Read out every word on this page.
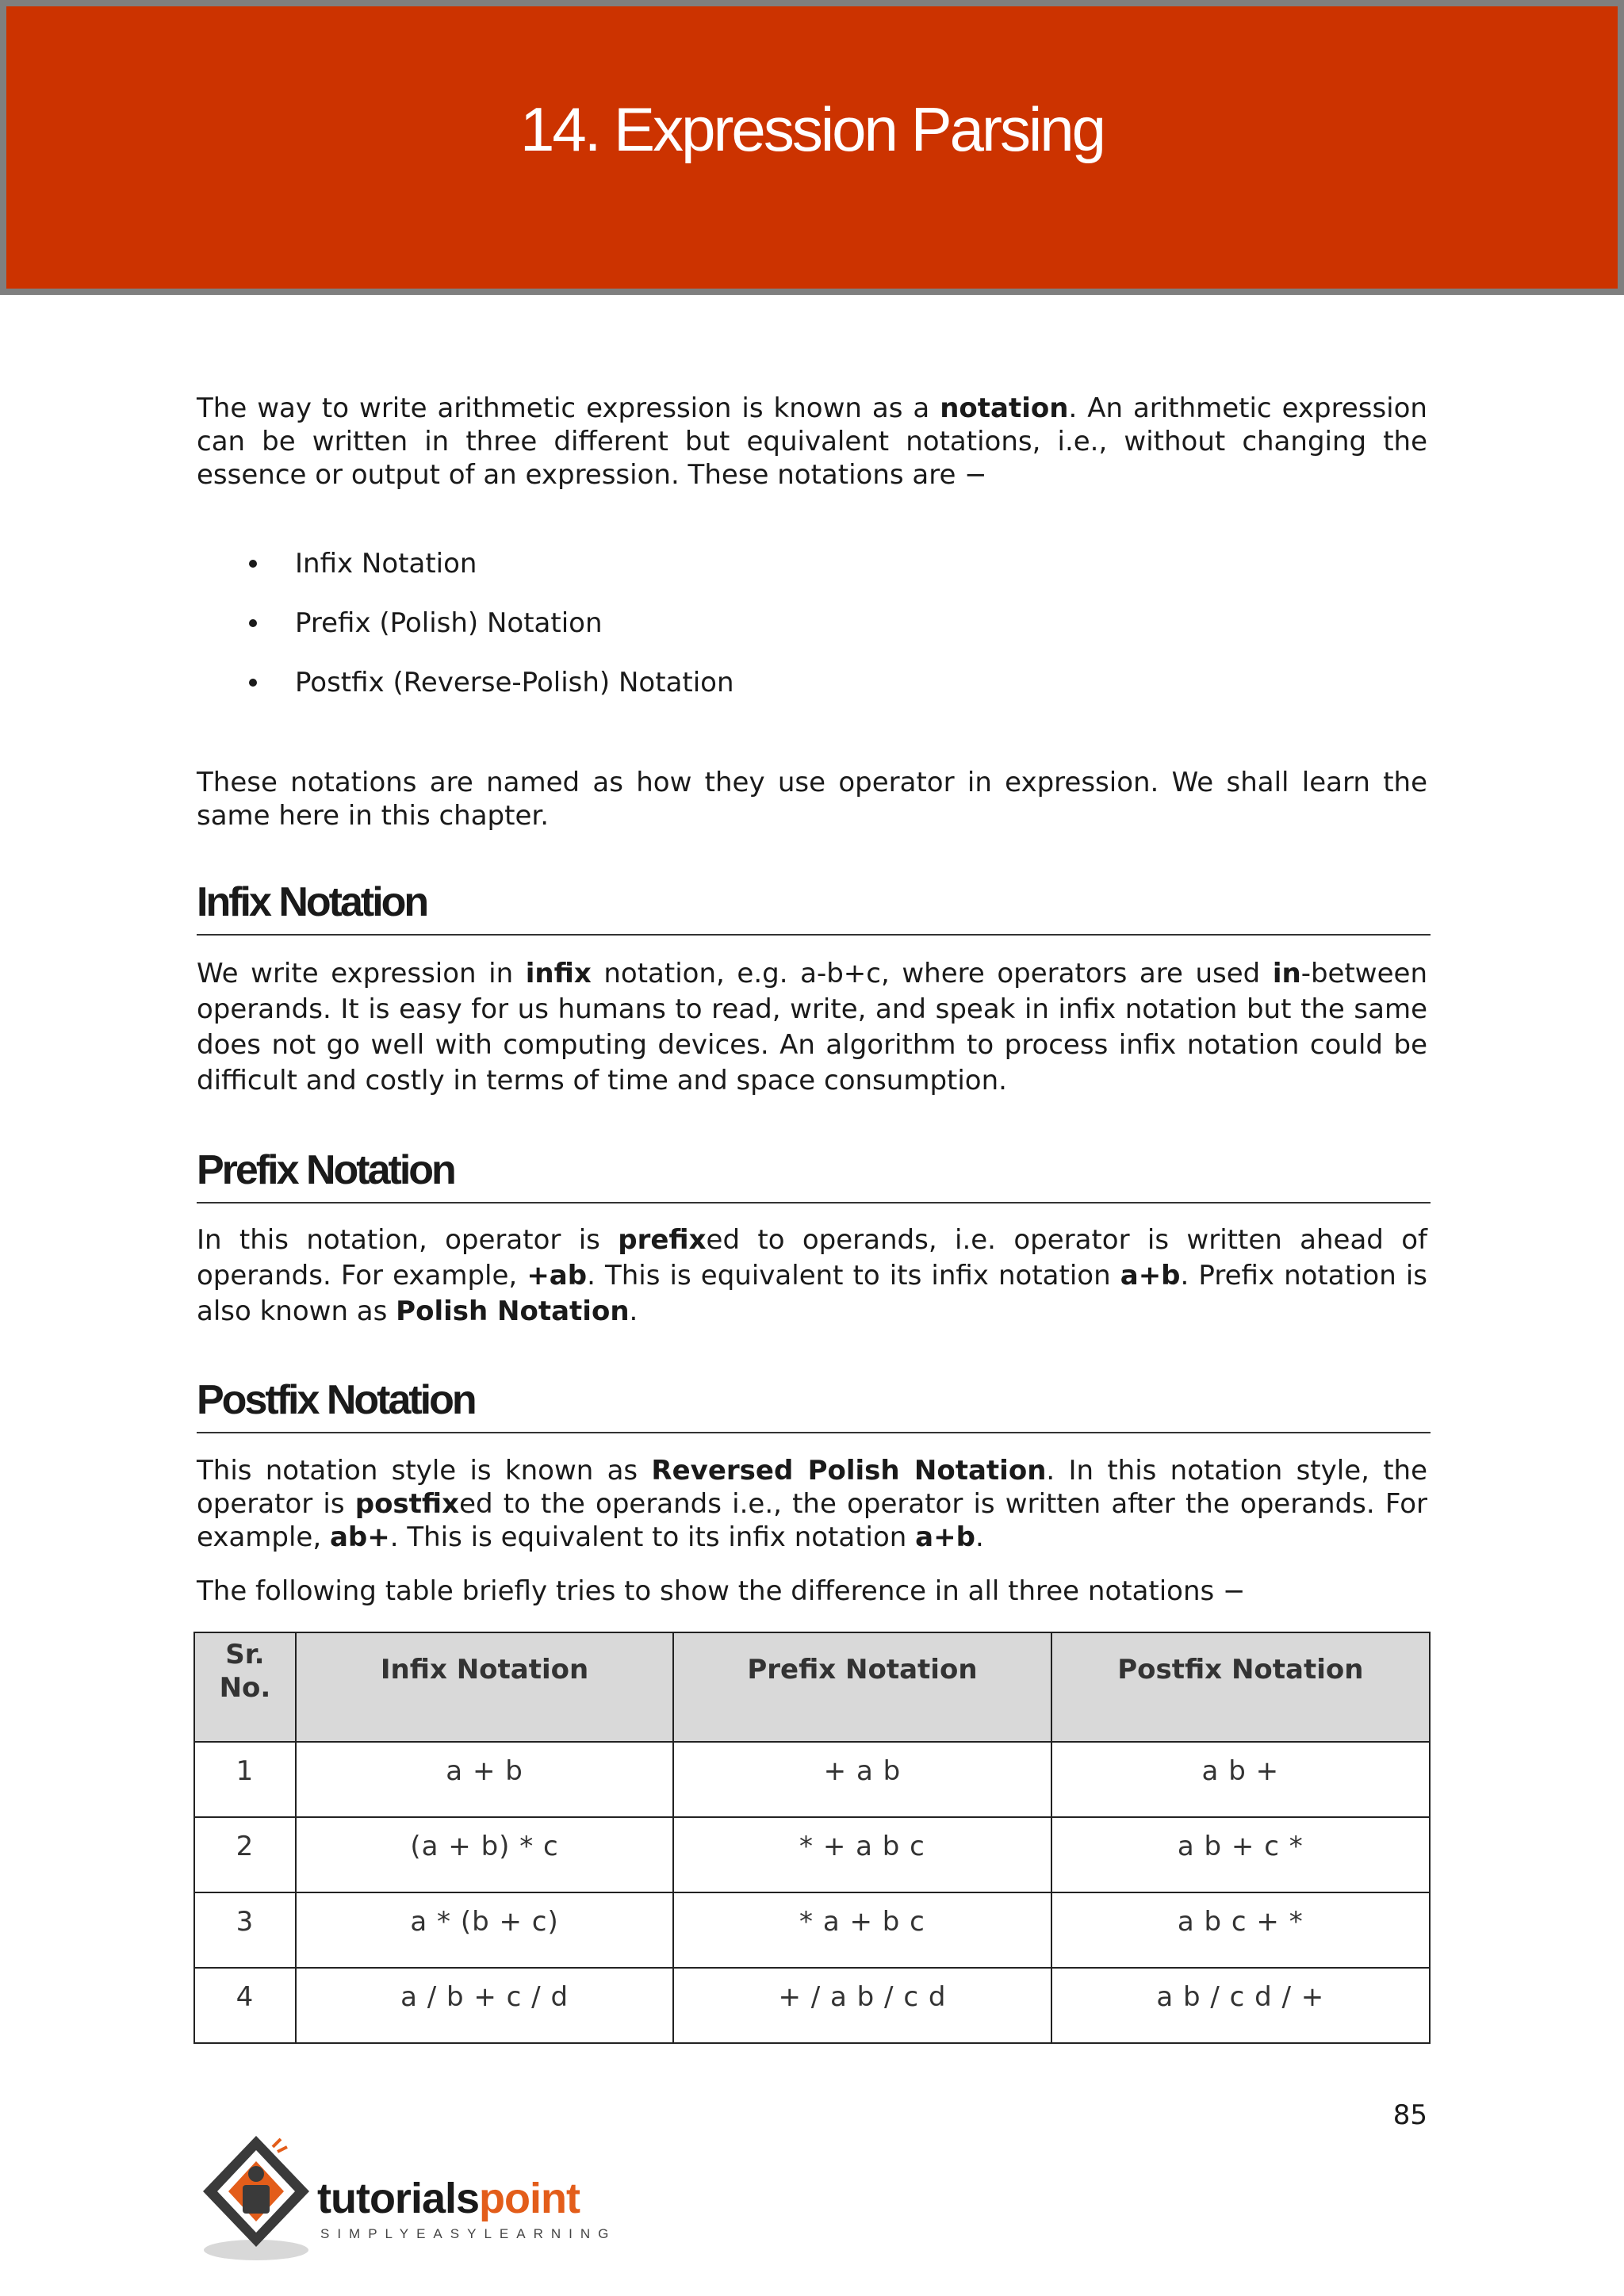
14. Expression Parsing

The way to write arithmetic expression is known as a notation. An arithmetic expression can be written in three different but equivalent notations, i.e., without changing the essence or output of an expression. These notations are −

Infix Notation
Prefix (Polish) Notation
Postfix (Reverse-Polish) Notation

These notations are named as how they use operator in expression. We shall learn the same here in this chapter.

Infix Notation

We write expression in infix notation, e.g. a-b+c, where operators are used in-between operands. It is easy for us humans to read, write, and speak in infix notation but the same does not go well with computing devices. An algorithm to process infix notation could be difficult and costly in terms of time and space consumption.

Prefix Notation

In this notation, operator is prefixed to operands, i.e. operator is written ahead of operands. For example, +ab. This is equivalent to its infix notation a+b. Prefix notation is also known as Polish Notation.

Postfix Notation

This notation style is known as Reversed Polish Notation. In this notation style, the operator is postfixed to the operands i.e., the operator is written after the operands. For example, ab+. This is equivalent to its infix notation a+b.

The following table briefly tries to show the difference in all three notations −

Sr.
No.	Infix Notation	Prefix Notation	Postfix Notation
1	a + b	+ a b	a b +
2	(a + b) * c	* + a b c	a b + c *
3	a * (b + c)	* a + b c	a b c + *
4	a / b + c / d	+ / a b / c d	a b / c d / +
85
tutorialspoint
SIMPLYEASYLEARNING
